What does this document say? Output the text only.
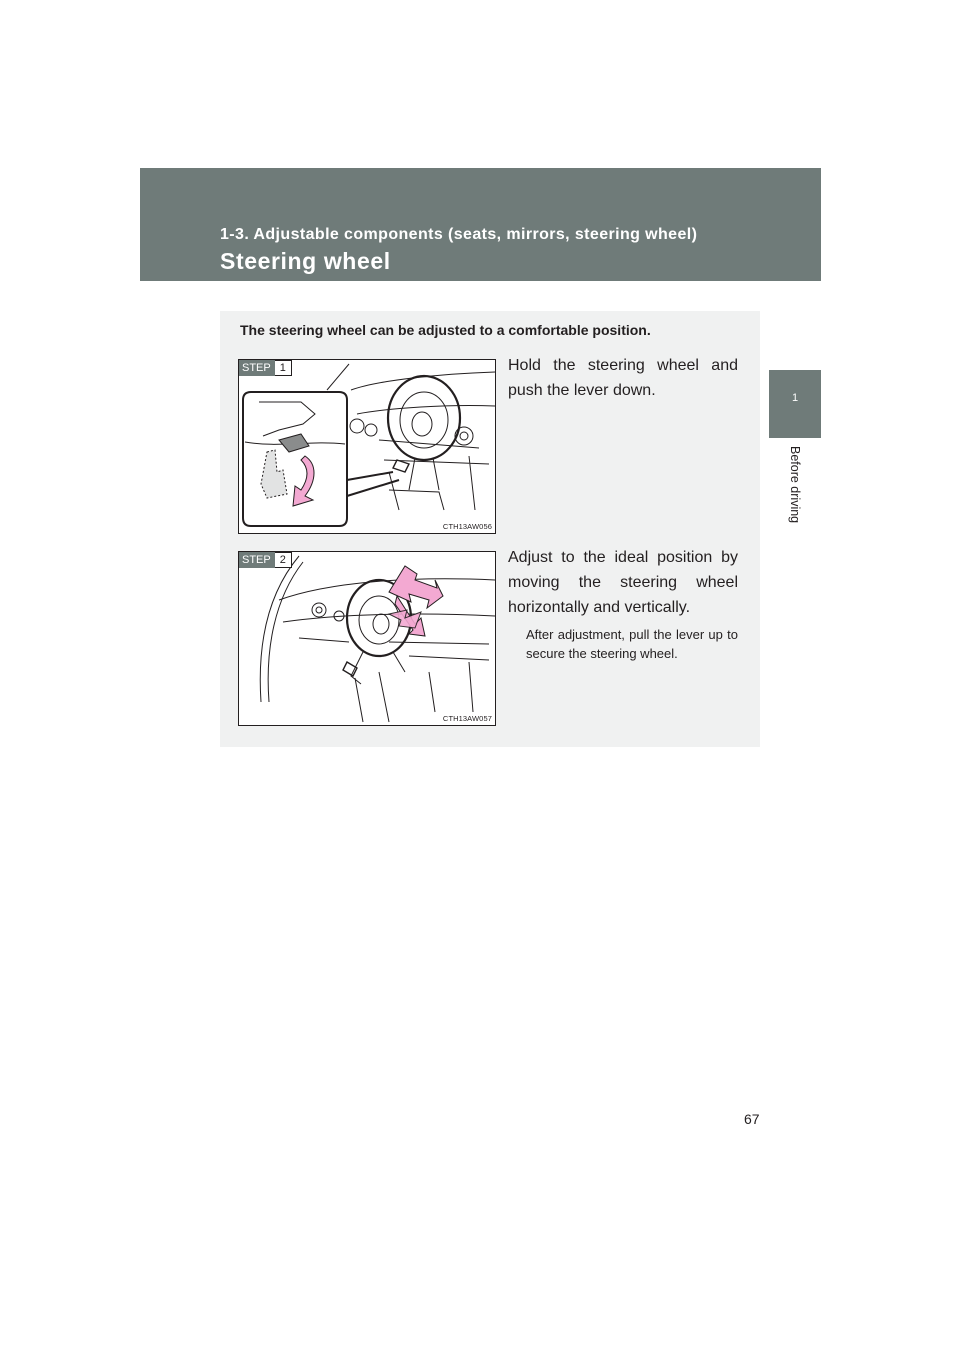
1-3. Adjustable components (seats, mirrors, steering wheel)
Steering wheel
1
Before driving
The steering wheel can be adjusted to a comfortable position.
STEP 1
CTH13AW056
Hold the steering wheel and push the lever down.
STEP 2
CTH13AW057
Adjust to the ideal position by moving the steering wheel horizontally and vertically.
After adjustment, pull the lever up to secure the steering wheel.
67
